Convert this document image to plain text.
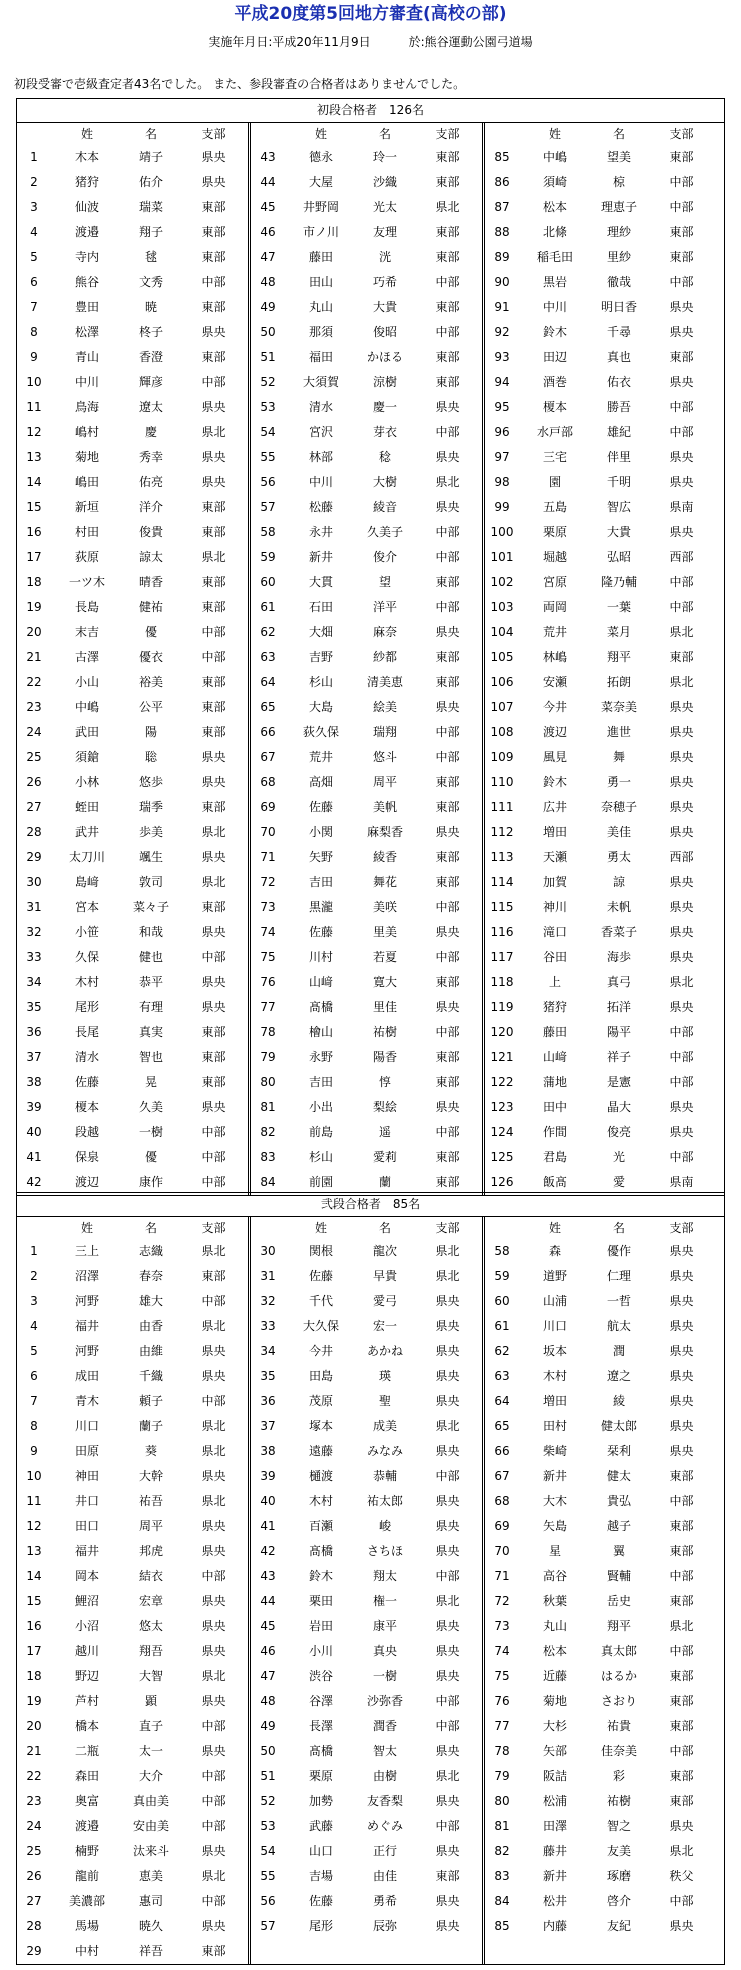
平成20度第5回地方審査(高校の部)
実施年月日:平成20年11月9日	於:熊谷運動公園弓道場
初段受審で壱級査定者43名でした。 また、参段審査の合格者はありませんでした。
初段合格者　126名
姓	名	支部
1	木本	靖子	県央
2	猪狩	佑介	県央
3	仙波	瑞菜	東部
4	渡邉	翔子	東部
5	寺内	毬	東部
6	熊谷	文秀	中部
7	豊田	暁	東部
8	松澤	柊子	県央
9	青山	香澄	東部
10	中川	輝彦	中部
11	鳥海	遼太	県央
12	嶋村	慶	県北
13	菊地	秀幸	県央
14	嶋田	佑亮	県央
15	新垣	洋介	東部
16	村田	俊貴	東部
17	荻原	諒太	県北
18	一ツ木	晴香	東部
19	長島	健祐	東部
20	末吉	優	中部
21	古澤	優衣	中部
22	小山	裕美	東部
23	中嶋	公平	東部
24	武田	陽	東部
25	須鎗	聡	県央
26	小林	悠歩	県央
27	蛭田	瑞季	東部
28	武井	歩美	県北
29	太刀川	颯生	県央
30	島﨑	敦司	県北
31	宮本	菜々子	東部
32	小笹	和哉	県央
33	久保	健也	中部
34	木村	恭平	県央
35	尾形	有理	県央
36	長尾	真実	東部
37	清水	智也	東部
38	佐藤	晃	東部
39	榎本	久美	県央
40	段越	一樹	中部
41	保泉	優	中部
42	渡辺	康作	中部
姓	名	支部
43	德永	玲一	東部
44	大屋	沙織	東部
45	井野岡	光太	県北
46	市ノ川	友理	東部
47	藤田	洸	東部
48	田山	巧希	中部
49	丸山	大貴	東部
50	那須	俊昭	中部
51	福田	かほる	東部
52	大須賀	涼樹	東部
53	清水	慶一	県央
54	宮沢	芽衣	中部
55	林部	稔	県央
56	中川	大樹	県北
57	松藤	綾音	県央
58	永井	久美子	中部
59	新井	俊介	中部
60	大貫	望	東部
61	石田	洋平	中部
62	大畑	麻奈	県央
63	吉野	紗都	東部
64	杉山	清美恵	東部
65	大島	絵美	県央
66	荻久保	瑞翔	中部
67	荒井	悠斗	中部
68	高畑	周平	東部
69	佐藤	美帆	東部
70	小関	麻梨香	県央
71	矢野	綾香	東部
72	吉田	舞花	東部
73	黒瀧	美咲	中部
74	佐藤	里美	県央
75	川村	若夏	中部
76	山﨑	寛大	東部
77	髙橋	里佳	県央
78	檜山	祐樹	中部
79	永野	陽香	東部
80	吉田	惇	東部
81	小出	梨絵	県央
82	前島	遥	中部
83	杉山	愛莉	東部
84	前園	蘭	東部
姓	名	支部
85	中嶋	望美	東部
86	須崎	椋	中部
87	松本	理恵子	中部
88	北條	理紗	東部
89	稲毛田	里紗	東部
90	黒岩	徹哉	中部
91	中川	明日香	県央
92	鈴木	千尋	県央
93	田辺	真也	東部
94	酒巻	佑衣	県央
95	榎本	勝吾	中部
96	水戸部	雄紀	中部
97	三宅	伴里	県央
98	園	千明	県央
99	五島	智広	県南
100	栗原	大貴	県央
101	堀越	弘昭	西部
102	宮原	隆乃輔	中部
103	両岡	一葉	中部
104	荒井	菜月	県北
105	林嶋	翔平	東部
106	安瀬	拓朗	県北
107	今井	菜奈美	県央
108	渡辺	進世	県央
109	風見	舞	県央
110	鈴木	勇一	県央
111	広井	奈穂子	県央
112	増田	美佳	県央
113	天瀬	勇太	西部
114	加賀	諒	県央
115	神川	未帆	県央
116	滝口	香菜子	県央
117	谷田	海歩	県央
118	上	真弓	県北
119	猪狩	拓洋	県央
120	藤田	陽平	中部
121	山﨑	祥子	中部
122	蒲地	是憲	中部
123	田中	晶大	県央
124	作間	俊亮	県央
125	君島	光	中部
126	飯髙	愛	県南
弐段合格者　85名
姓	名	支部
1	三上	志織	県北
2	沼澤	春奈	東部
3	河野	雄大	中部
4	福井	由香	県北
5	河野	由維	県央
6	成田	千織	県央
7	青木	頼子	中部
8	川口	蘭子	県北
9	田原	葵	県北
10	神田	大幹	県央
11	井口	祐吾	県北
12	田口	周平	県央
13	福井	邦虎	県央
14	岡本	結衣	中部
15	鯉沼	宏章	県央
16	小沼	悠太	県央
17	越川	翔吾	県央
18	野辺	大智	県北
19	芦村	顕	県央
20	橋本	直子	中部
21	二瓶	太一	県央
22	森田	大介	中部
23	奥富	真由美	中部
24	渡邉	安由美	中部
25	楠野	汰来斗	県央
26	龍前	恵美	県北
27	美濃部	惠司	中部
28	馬場	暁久	県央
29	中村	祥吾	東部
姓	名	支部
30	関根	龍次	県北
31	佐藤	早貴	県北
32	千代	愛弓	県央
33	大久保	宏一	県央
34	今井	あかね	県央
35	田島	瑛	県央
36	茂原	聖	県央
37	塚本	成美	県北
38	遠藤	みなみ	県央
39	樋渡	恭輔	中部
40	木村	祐太郎	県央
41	百瀬	峻	県央
42	髙橋	さちほ	県央
43	鈴木	翔太	中部
44	栗田	権一	県北
45	岩田	康平	県央
46	小川	真央	県央
47	渋谷	一樹	県央
48	谷澤	沙弥香	中部
49	長澤	潤香	中部
50	髙橋	智太	県央
51	栗原	由樹	県北
52	加勢	友香梨	県央
53	武藤	めぐみ	中部
54	山口	正行	県央
55	吉場	由佳	東部
56	佐藤	勇希	県央
57	尾形	辰弥	県央
姓	名	支部
58	森	優作	県央
59	道野	仁理	県央
60	山浦	一哲	県央
61	川口	航太	県央
62	坂本	潤	県央
63	木村	遼之	県央
64	増田	綾	県央
65	田村	健太郎	県央
66	柴崎	栞利	県央
67	新井	健太	東部
68	大木	貴弘	中部
69	矢島	越子	東部
70	星	翼	東部
71	高谷	賢輔	中部
72	秋葉	岳史	東部
73	丸山	翔平	県北
74	松本	真太郎	中部
75	近藤	はるか	東部
76	菊地	さおり	東部
77	大杉	祐貴	東部
78	矢部	佳奈美	中部
79	阪詰	彩	東部
80	松浦	祐樹	東部
81	田澤	智之	県央
82	藤井	友美	県北
83	新井	琢磨	秩父
84	松井	啓介	中部
85	内藤	友紀	県央
